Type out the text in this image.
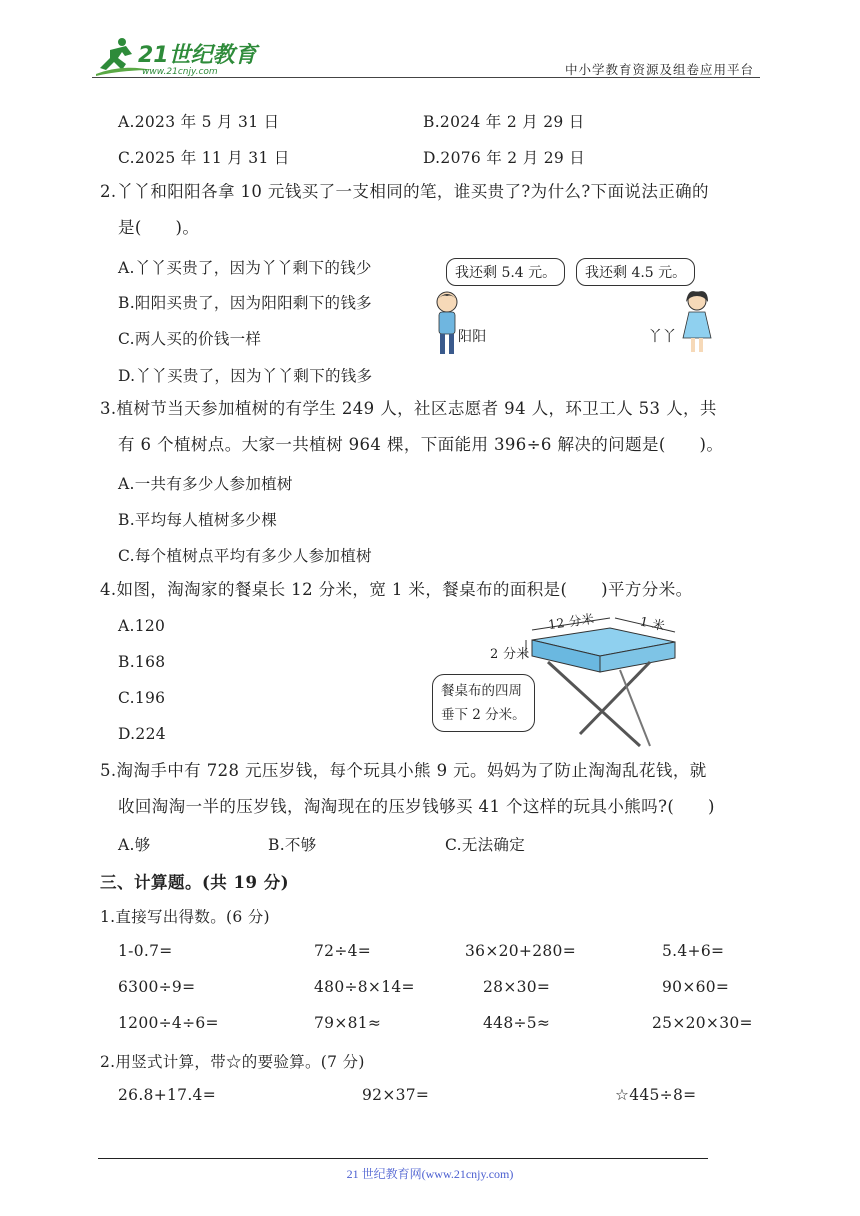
21世纪教育
www.21cnjy.com	中小学教育资源及组卷应用平台
A.2023 年 5 月 31 日	B.2024 年 2 月 29 日
C.2025 年 11 月 31 日	D.2076 年 2 月 29 日
2.丫丫和阳阳各拿 10 元钱买了一支相同的笔，谁买贵了?为什么?下面说法正确的
是(　　)。
A.丫丫买贵了，因为丫丫剩下的钱少
B.阳阳买贵了，因为阳阳剩下的钱多
C.两人买的价钱一样
D.丫丫买贵了，因为丫丫剩下的钱多
我还剩 5.4 元。	我还剩 4.5 元。
阳阳	丫丫
3.植树节当天参加植树的有学生 249 人，社区志愿者 94 人，环卫工人 53 人，共
有 6 个植树点。大家一共植树 964 棵，下面能用 396÷6 解决的问题是(　　)。
A.一共有多少人参加植树
B.平均每人植树多少棵
C.每个植树点平均有多少人参加植树
4.如图，淘淘家的餐桌长 12 分米，宽 1 米，餐桌布的面积是(　　)平方分米。
A.120
B.168
C.196
D.224
12 分米	1 米
2 分米
餐桌布的四周
垂下 2 分米。
5.淘淘手中有 728 元压岁钱，每个玩具小熊 9 元。妈妈为了防止淘淘乱花钱，就
收回淘淘一半的压岁钱，淘淘现在的压岁钱够买 41 个这样的玩具小熊吗?(　　)
A.够	B.不够	C.无法确定
三、计算题。(共 19 分)
1.直接写出得数。(6 分)
1-0.7=	72÷4=	36×20+280=	5.4+6=
6300÷9=	480÷8×14=	28×30=	90×60=
1200÷4÷6=	79×81≈	448÷5≈	25×20×30=
2.用竖式计算，带☆的要验算。(7 分)
26.8+17.4=	92×37=	☆445÷8=
21 世纪教育网(www.21cnjy.com)
